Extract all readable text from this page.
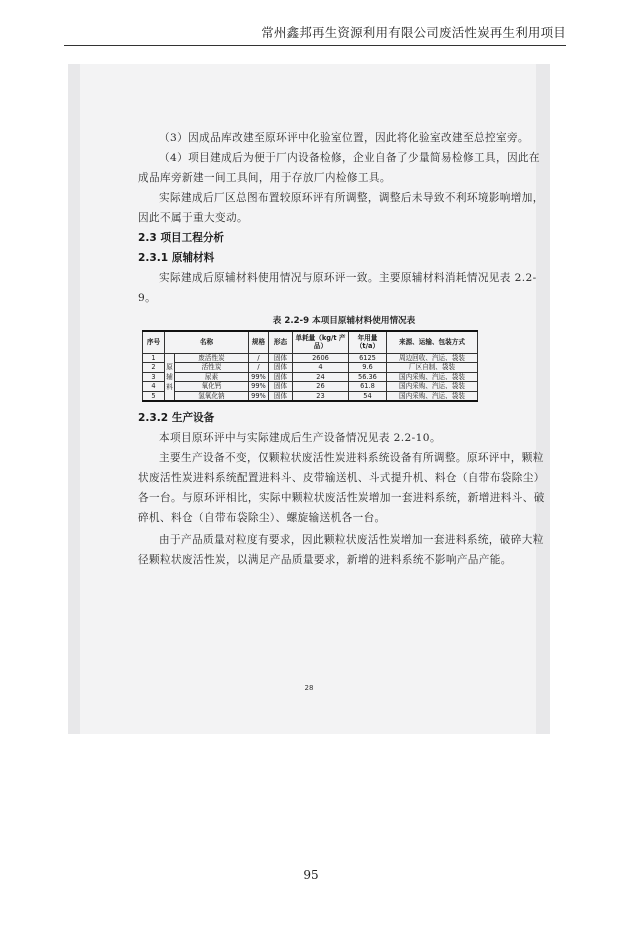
常州鑫邦再生资源利用有限公司废活性炭再生利用项目

（3）因成品库改建至原环评中化验室位置，因此将化验室改建至总控室旁。

（4）项目建成后为便于厂内设备检修，企业自备了少量简易检修工具，因此在成品库旁新建一间工具间，用于存放厂内检修工具。

实际建成后厂区总图布置较原环评有所调整，调整后未导致不利环境影响增加，因此不属于重大变动。

2.3 项目工程分析

2.3.1 原辅材料

实际建成后原辅材料使用情况与原环评一致。主要原辅材料消耗情况见表 2.2-9。

表 2.2-9 本项目原辅材料使用情况表

序号	名称		规格	形态	单耗量（kg/t 产品）	年用量（t/a）	来源、运输、包装方式
1	原辅料	废活性炭	/	固体	2606	6125	周边回收、汽运、袋装
2		活性炭	/	固体	4	9.6	厂区自制、袋装
3		尿素	99%	固体	24	56.36	国内采购、汽运、袋装
4		氧化钙	99%	固体	26	61.8	国内采购、汽运、袋装
5		氢氧化钠	99%	固体	23	54	国内采购、汽运、袋装

2.3.2 生产设备

本项目原环评中与实际建成后生产设备情况见表 2.2-10。

主要生产设备不变，仅颗粒状废活性炭进料系统设备有所调整。原环评中，颗粒状废活性炭进料系统配置进料斗、皮带输送机、斗式提升机、料仓（自带布袋除尘）各一台。与原环评相比，实际中颗粒状废活性炭增加一套进料系统，新增进料斗、破碎机、料仓（自带布袋除尘）、螺旋输送机各一台。

由于产品质量对粒度有要求，因此颗粒状废活性炭增加一套进料系统，破碎大粒径颗粒状废活性炭，以满足产品质量要求，新增的进料系统不影响产品产能。

28
95
